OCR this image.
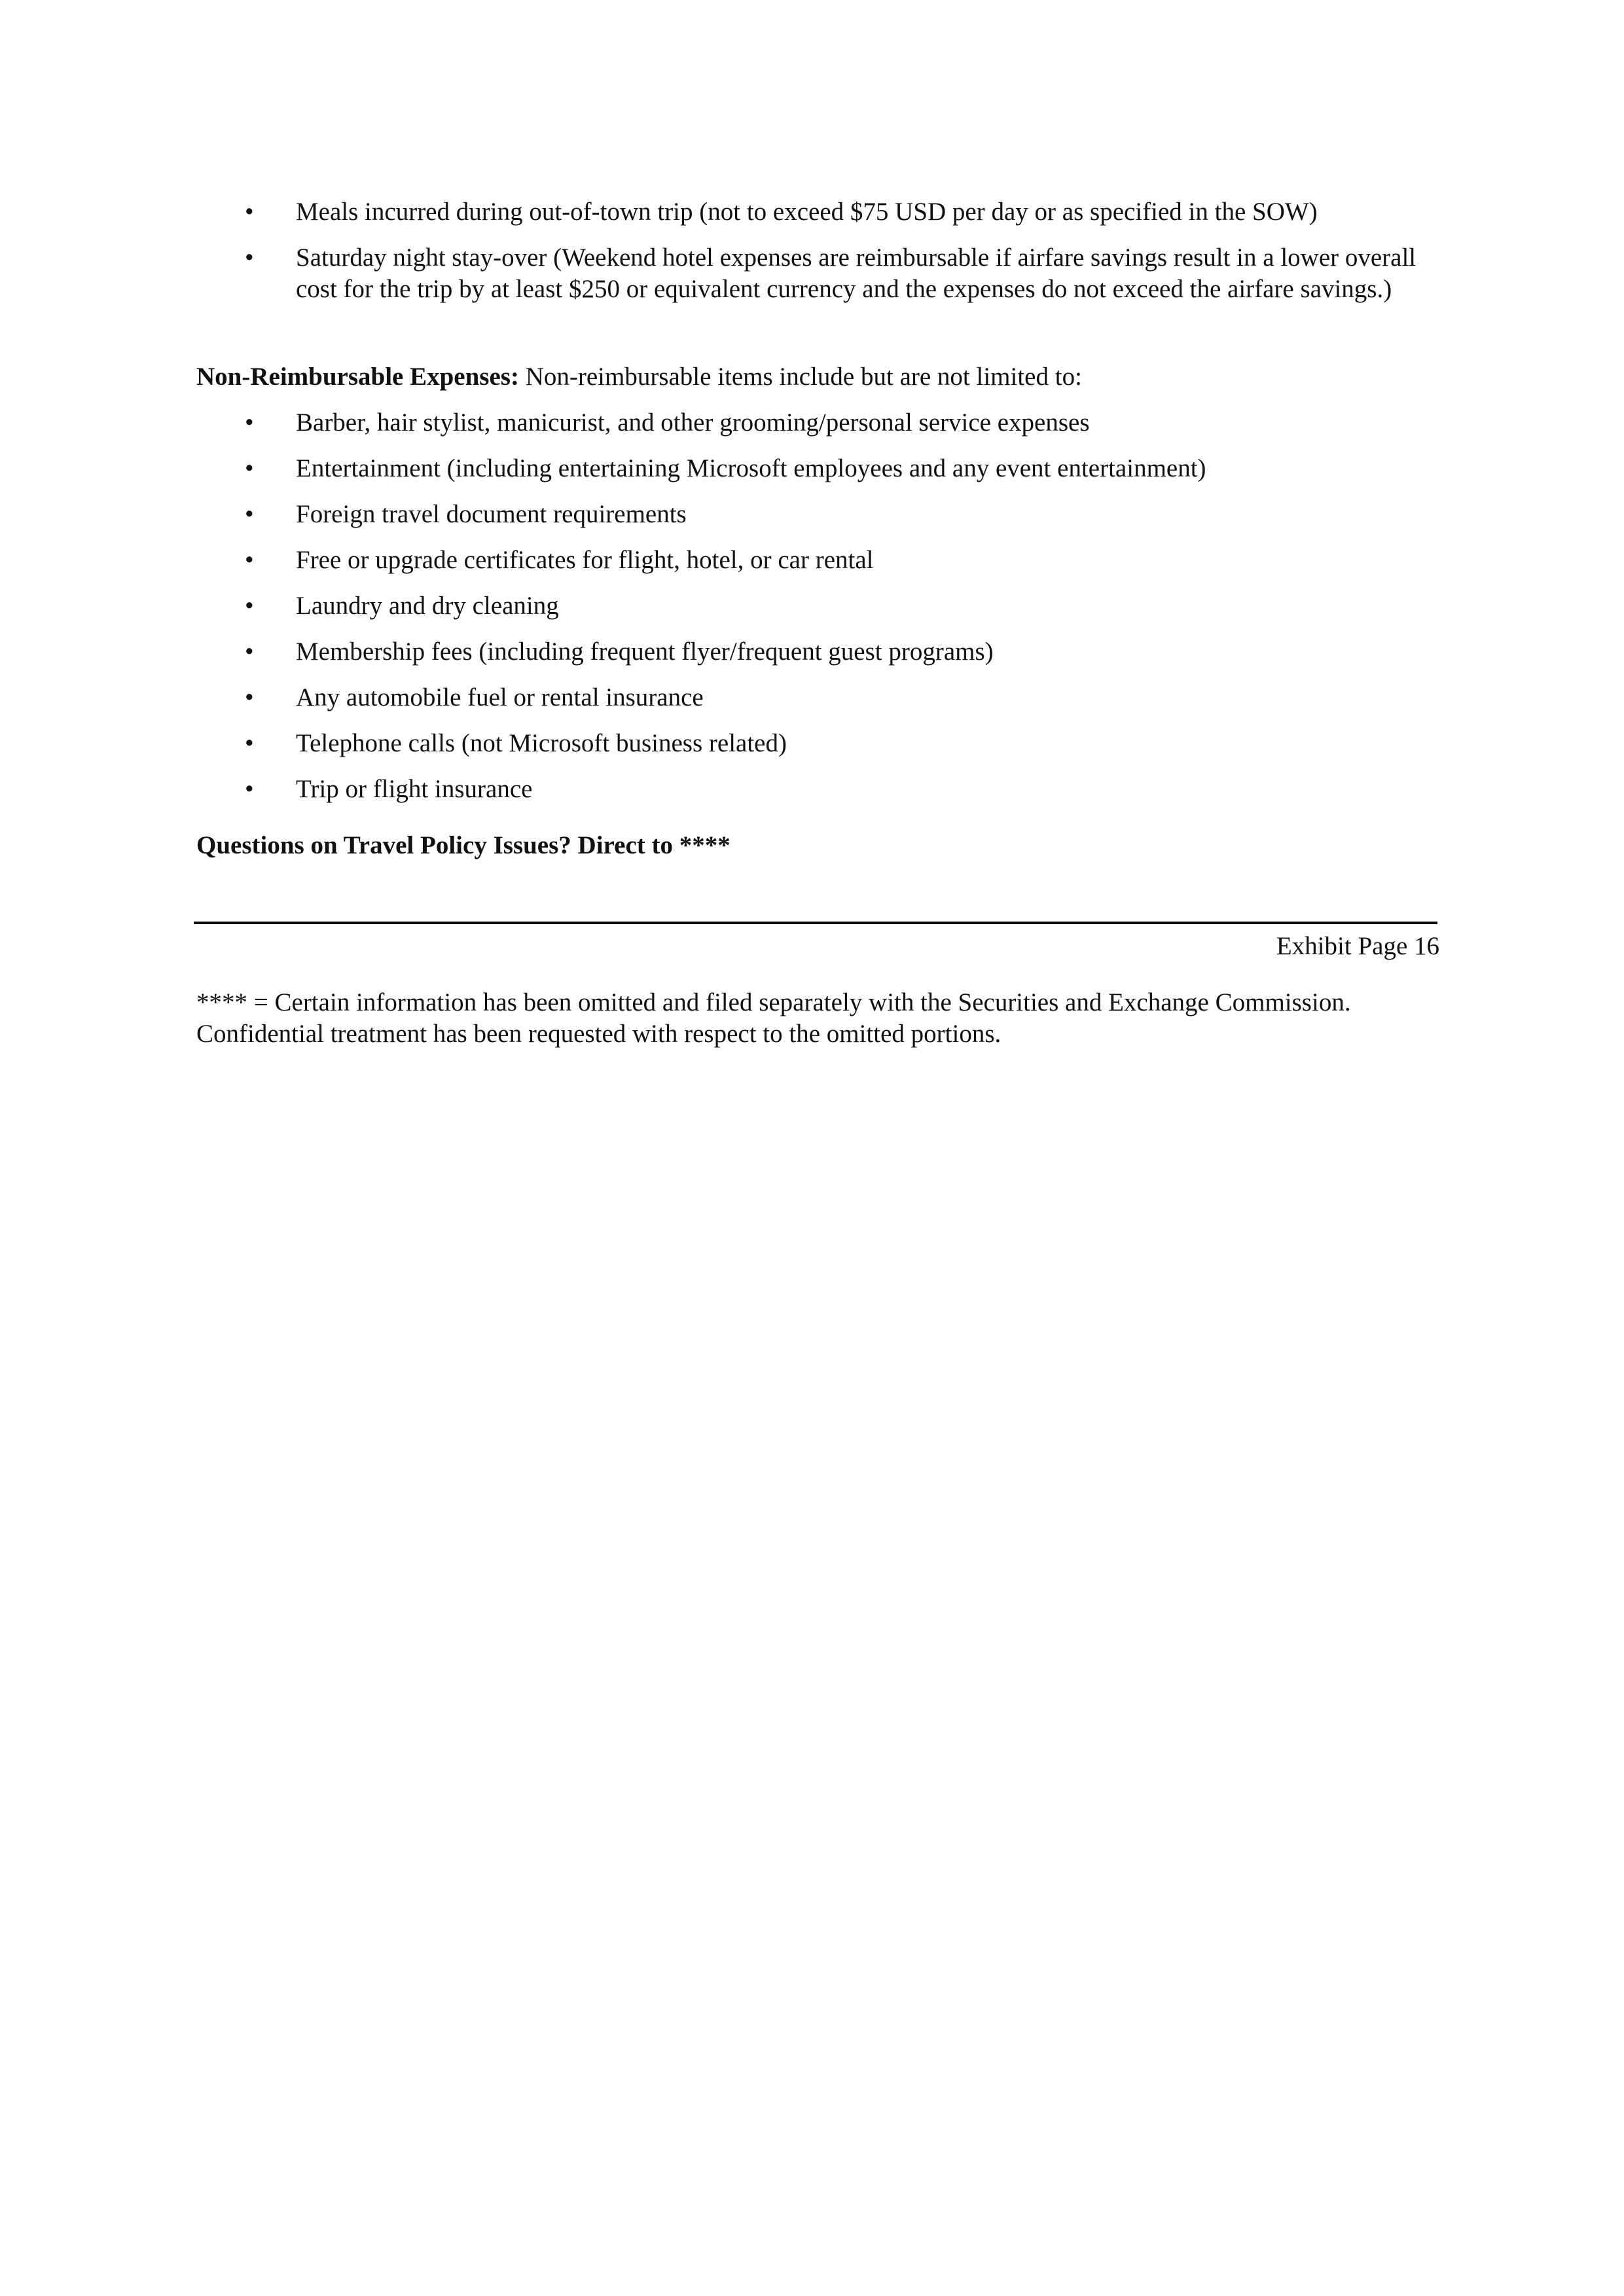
• Meals incurred during out-of-town trip (not to exceed $75 USD per day or as specified in the SOW)
• Saturday night stay-over (Weekend hotel expenses are reimbursable if airfare savings result in a lower overall cost for the trip by at least $250 or equivalent currency and the expenses do not exceed the airfare savings.)
Non-Reimbursable Expenses: Non-reimbursable items include but are not limited to:
• Barber, hair stylist, manicurist, and other grooming/personal service expenses
• Entertainment (including entertaining Microsoft employees and any event entertainment)
• Foreign travel document requirements
• Free or upgrade certificates for flight, hotel, or car rental
• Laundry and dry cleaning
• Membership fees (including frequent flyer/frequent guest programs)
• Any automobile fuel or rental insurance
• Telephone calls (not Microsoft business related)
• Trip or flight insurance
Questions on Travel Policy Issues? Direct to ****
Exhibit Page 16
**** = Certain information has been omitted and filed separately with the Securities and Exchange Commission. Confidential treatment has been requested with respect to the omitted portions.
